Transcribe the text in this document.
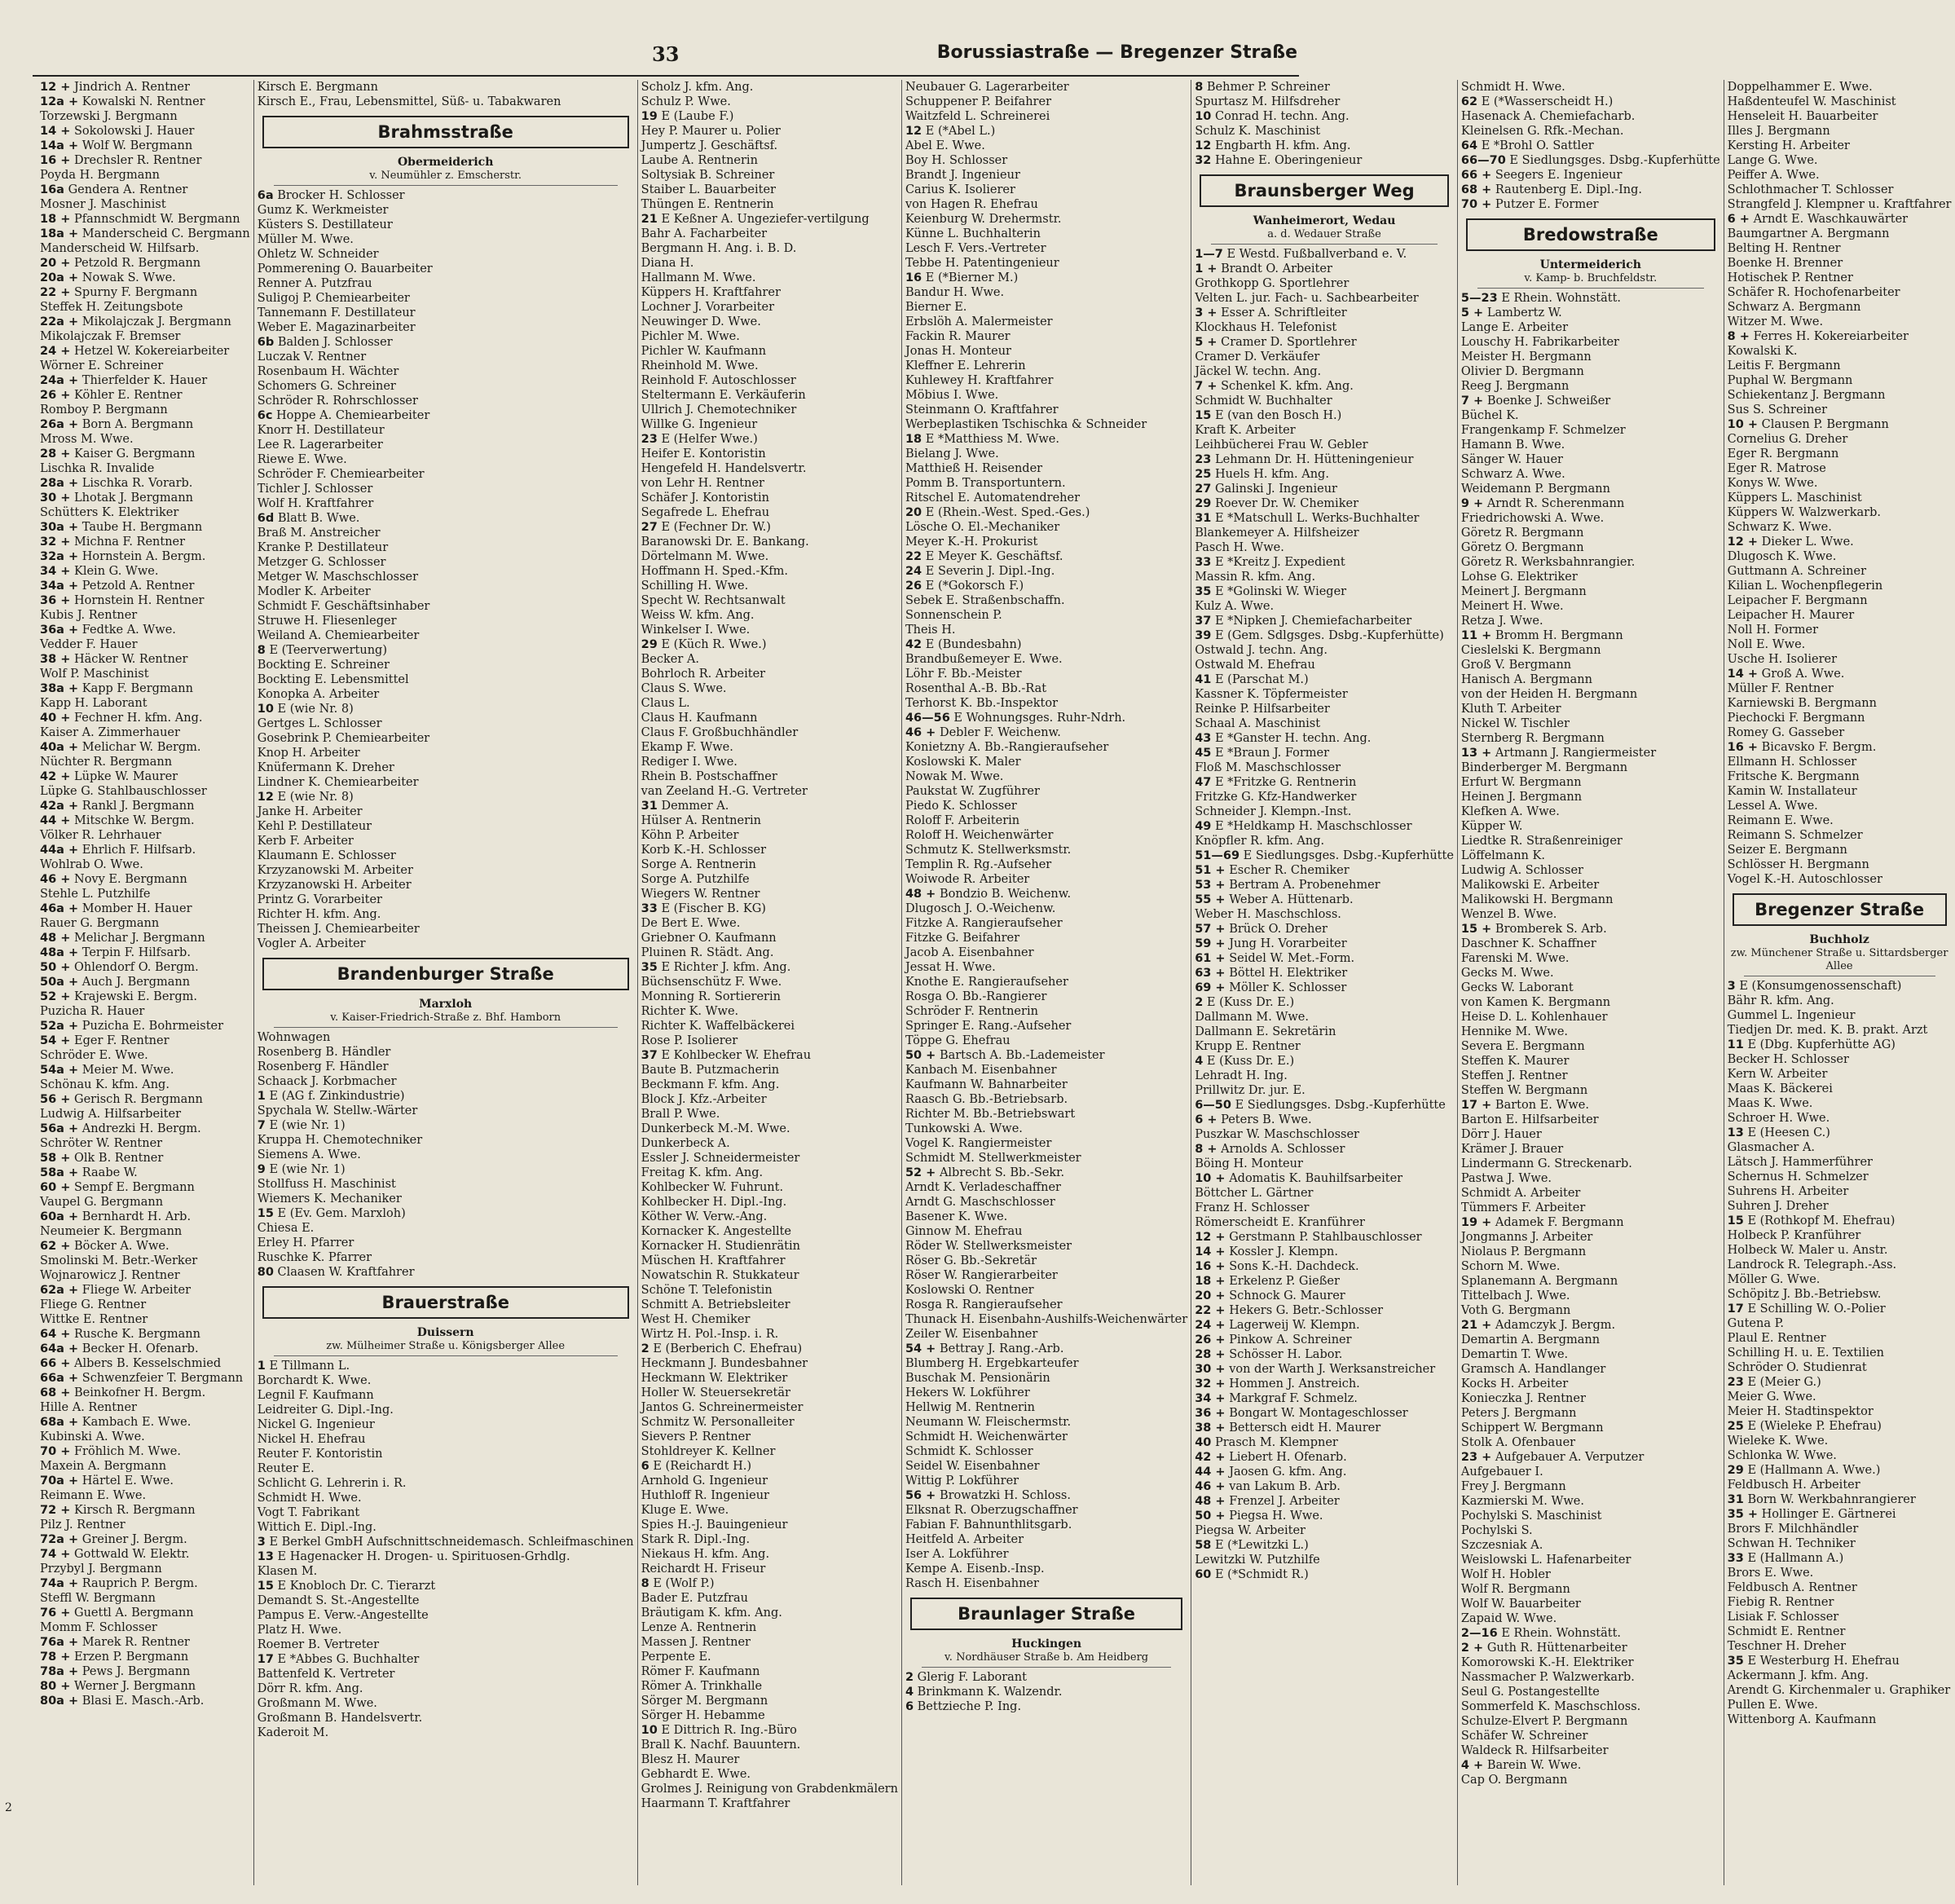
33	Borussiastraße — Bregenzer Straße
12 + Jindrich A. Rentner
12a + Kowalski N. Rentner
Torzewski J. Bergmann
14 + Sokolowski J. Hauer
14a + Wolf W. Bergmann
16 + Drechsler R. Rentner
Poyda H. Bergmann
16a Gendera A. Rentner
Mosner J. Maschinist
18 + Pfannschmidt W. Bergmann
18a + Manderscheid C. Bergmann
Manderscheid W. Hilfsarb.
20 + Petzold R. Bergmann
20a + Nowak S. Wwe.
22 + Spurny F. Bergmann
Steffek H. Zeitungsbote
22a + Mikolajczak J. Bergmann
Mikolajczak F. Bremser
24 + Hetzel W. Kokereiarbeiter
Wörner E. Schreiner
24a + Thierfelder K. Hauer
26 + Köhler E. Rentner
Romboy P. Bergmann
26a + Born A. Bergmann
Mross M. Wwe.
28 + Kaiser G. Bergmann
Lischka R. Invalide
28a + Lischka R. Vorarb.
30 + Lhotak J. Bergmann
Schütters K. Elektriker
30a + Taube H. Bergmann
32 + Michna F. Rentner
32a + Hornstein A. Bergm.
34 + Klein G. Wwe.
34a + Petzold A. Rentner
36 + Hornstein H. Rentner
Kubis J. Rentner
36a + Fedtke A. Wwe.
Vedder F. Hauer
38 + Häcker W. Rentner
Wolf P. Maschinist
38a + Kapp F. Bergmann
Kapp H. Laborant
40 + Fechner H. kfm. Ang.
Kaiser A. Zimmerhauer
40a + Melichar W. Bergm.
Nüchter R. Bergmann
42 + Lüpke W. Maurer
Lüpke G. Stahlbauschlosser
42a + Rankl J. Bergmann
44 + Mitschke W. Bergm.
Völker R. Lehrhauer
44a + Ehrlich F. Hilfsarb.
Wohlrab O. Wwe.
46 + Novy E. Bergmann
Stehle L. Putzhilfe
46a + Momber H. Hauer
Rauer G. Bergmann
48 + Melichar J. Bergmann
48a + Terpin F. Hilfsarb.
50 + Ohlendorf O. Bergm.
50a + Auch J. Bergmann
52 + Krajewski E. Bergm.
Puzicha R. Hauer
52a + Puzicha E. Bohrmeister
54 + Eger F. Rentner
Schröder E. Wwe.
54a + Meier M. Wwe.
Schönau K. kfm. Ang.
56 + Gerisch R. Bergmann
Ludwig A. Hilfsarbeiter
56a + Andrezki H. Bergm.
Schröter W. Rentner
58 + Olk B. Rentner
58a + Raabe W.
60 + Sempf E. Bergmann
Vaupel G. Bergmann
60a + Bernhardt H. Arb.
Neumeier K. Bergmann
62 + Böcker A. Wwe.
Smolinski M. Betr.-Werker
Wojnarowicz J. Rentner
62a + Fliege W. Arbeiter
Fliege G. Rentner
Wittke E. Rentner
64 + Rusche K. Bergmann
64a + Becker H. Ofenarb.
66 + Albers B. Kesselschmied
66a + Schwenzfeier T. Bergmann
68 + Beinkofner H. Bergm.
Hille A. Rentner
68a + Kambach E. Wwe.
Kubinski A. Wwe.
70 + Fröhlich M. Wwe.
Maxein A. Bergmann
70a + Härtel E. Wwe.
Reimann E. Wwe.
72 + Kirsch R. Bergmann
Pilz J. Rentner
72a + Greiner J. Bergm.
74 + Gottwald W. Elektr.
Przybyl J. Bergmann
74a + Rauprich P. Bergm.
Steffl W. Bergmann
76 + Guettl A. Bergmann
Momm F. Schlosser
76a + Marek R. Rentner
78 + Erzen P. Bergmann
78a + Pews J. Bergmann
80 + Werner J. Bergmann
80a + Blasi E. Masch.-Arb.
Kirsch E. Bergmann
Kirsch E., Frau, Lebensmittel, Süß- u. Tabakwaren
Brahmsstraße
Obermeiderich
v. Neumühler z. Emscherstr.
6a Brocker H. Schlosser
Gumz K. Werkmeister
Küsters S. Destillateur
Müller M. Wwe.
Ohletz W. Schneider
Pommerening O. Bauarbeiter
Renner A. Putzfrau
Suligoj P. Chemiearbeiter
Tannemann F. Destillateur
Weber E. Magazinarbeiter
6b Balden J. Schlosser
Luczak V. Rentner
Rosenbaum H. Wächter
Schomers G. Schreiner
Schröder R. Rohrschlosser
6c Hoppe A. Chemiearbeiter
Knorr H. Destillateur
Lee R. Lagerarbeiter
Riewe E. Wwe.
Schröder F. Chemiearbeiter
Tichler J. Schlosser
Wolf H. Kraftfahrer
6d Blatt B. Wwe.
Braß M. Anstreicher
Kranke P. Destillateur
Metzger G. Schlosser
Metger W. Maschschlosser
Modler K. Arbeiter
Schmidt F. Geschäftsinhaber
Struwe H. Fliesenleger
Weiland A. Chemiearbeiter
8 E (Teerverwertung)
Bockting E. Schreiner
Bockting E. Lebensmittel
Konopka A. Arbeiter
10 E (wie Nr. 8)
Gertges L. Schlosser
Gosebrink P. Chemiearbeiter
Knop H. Arbeiter
Knüfermann K. Dreher
Lindner K. Chemiearbeiter
12 E (wie Nr. 8)
Janke H. Arbeiter
Kehl P. Destillateur
Kerb F. Arbeiter
Klaumann E. Schlosser
Krzyzanowski M. Arbeiter
Krzyzanowski H. Arbeiter
Printz G. Vorarbeiter
Richter H. kfm. Ang.
Theissen J. Chemiearbeiter
Vogler A. Arbeiter
Brandenburger Straße
Marxloh
v. Kaiser-Friedrich-Straße z. Bhf. Hamborn
Wohnwagen
Rosenberg B. Händler
Rosenberg F. Händler
Schaack J. Korbmacher
1 E (AG f. Zinkindustrie)
Spychala W. Stellw.-Wärter
7 E (wie Nr. 1)
Kruppa H. Chemotechniker
Siemens A. Wwe.
9 E (wie Nr. 1)
Stollfuss H. Maschinist
Wiemers K. Mechaniker
15 E (Ev. Gem. Marxloh)
Chiesa E.
Erley H. Pfarrer
Ruschke K. Pfarrer
80 Claasen W. Kraftfahrer
Brauerstraße
Duissern
zw. Mülheimer Straße u. Königsberger Allee
1 E Tillmann L.
Borchardt K. Wwe.
Legnil F. Kaufmann
Leidreiter G. Dipl.-Ing.
Nickel G. Ingenieur
Nickel H. Ehefrau
Reuter F. Kontoristin
Reuter E.
Schlicht G. Lehrerin i. R.
Schmidt H. Wwe.
Vogt T. Fabrikant
Wittich E. Dipl.-Ing.
3 E Berkel GmbH Aufschnittschneidemasch. Schleifmaschinen
13 E Hagenacker H. Drogen- u. Spirituosen-Grhdlg.
Klasen M.
15 E Knobloch Dr. C. Tierarzt
Demandt S. St.-Angestellte
Pampus E. Verw.-Angestellte
Platz H. Wwe.
Roemer B. Vertreter
17 E *Abbes G. Buchhalter
Battenfeld K. Vertreter
Dörr R. kfm. Ang.
Großmann M. Wwe.
Großmann B. Handelsvertr.
Kaderoit M.
Scholz J. kfm. Ang.
Schulz P. Wwe.
19 E (Laube F.)
Hey P. Maurer u. Polier
Jumpertz J. Geschäftsf.
Laube A. Rentnerin
Soltysiak B. Schreiner
Staiber L. Bauarbeiter
Thüngen E. Rentnerin
21 E Keßner A. Ungeziefer-vertilgung
Bahr A. Facharbeiter
Bergmann H. Ang. i. B. D.
Diana H.
Hallmann M. Wwe.
Küppers H. Kraftfahrer
Lochner J. Vorarbeiter
Neuwinger D. Wwe.
Pichler M. Wwe.
Pichler W. Kaufmann
Rheinhold M. Wwe.
Reinhold F. Autoschlosser
Steltermann E. Verkäuferin
Ullrich J. Chemotechniker
Willke G. Ingenieur
23 E (Helfer Wwe.)
Heifer E. Kontoristin
Hengefeld H. Handelsvertr.
von Lehr H. Rentner
Schäfer J. Kontoristin
Segafrede L. Ehefrau
27 E (Fechner Dr. W.)
Baranowski Dr. E. Bankang.
Dörtelmann M. Wwe.
Hoffmann H. Sped.-Kfm.
Schilling H. Wwe.
Specht W. Rechtsanwalt
Weiss W. kfm. Ang.
Winkelser I. Wwe.
29 E (Küch R. Wwe.)
Becker A.
Bohrloch R. Arbeiter
Claus S. Wwe.
Claus L.
Claus H. Kaufmann
Claus F. Großbuchhändler
Ekamp F. Wwe.
Rediger I. Wwe.
Rhein B. Postschaffner
van Zeeland H.-G. Vertreter
31 Demmer A.
Hülser A. Rentnerin
Köhn P. Arbeiter
Korb K.-H. Schlosser
Sorge A. Rentnerin
Sorge A. Putzhilfe
Wiegers W. Rentner
33 E (Fischer B. KG)
De Bert E. Wwe.
Griebner O. Kaufmann
Pluinen R. Städt. Ang.
35 E Richter J. kfm. Ang.
Büchsenschütz F. Wwe.
Monning R. Sortiererin
Richter K. Wwe.
Richter K. Waffelbäckerei
Rose P. Isolierer
37 E Kohlbecker W. Ehefrau
Baute B. Putzmacherin
Beckmann F. kfm. Ang.
Block J. Kfz.-Arbeiter
Brall P. Wwe.
Dunkerbeck M.-M. Wwe.
Dunkerbeck A.
Essler J. Schneidermeister
Freitag K. kfm. Ang.
Kohlbecker W. Fuhrunt.
Kohlbecker H. Dipl.-Ing.
Köther W. Verw.-Ang.
Kornacker K. Angestellte
Kornacker H. Studienrätin
Müschen H. Kraftfahrer
Nowatschin R. Stukkateur
Schöne T. Telefonistin
Schmitt A. Betriebsleiter
West H. Chemiker
Wirtz H. Pol.-Insp. i. R.
2 E (Berberich C. Ehefrau)
Heckmann J. Bundesbahner
Heckmann W. Elektriker
Holler W. Steuersekretär
Jantos G. Schreinermeister
Schmitz W. Personalleiter
Sievers P. Rentner
Stohldreyer K. Kellner
6 E (Reichardt H.)
Arnhold G. Ingenieur
Huthloff R. Ingenieur
Kluge E. Wwe.
Spies H.-J. Bauingenieur
Stark R. Dipl.-Ing.
Niekaus H. kfm. Ang.
Reichardt H. Friseur
8 E (Wolf P.)
Bader E. Putzfrau
Bräutigam K. kfm. Ang.
Lenze A. Rentnerin
Massen J. Rentner
Perpente E.
Römer F. Kaufmann
Römer A. Trinkhalle
Sörger M. Bergmann
Sörger H. Hebamme
10 E Dittrich R. Ing.-Büro
Brall K. Nachf. Bauuntern.
Blesz H. Maurer
Gebhardt E. Wwe.
Grolmes J. Reinigung von Grabdenkmälern
Haarmann T. Kraftfahrer
Neubauer G. Lagerarbeiter
Schuppener P. Beifahrer
Waitzfeld L. Schreinerei
12 E (*Abel L.)
Abel E. Wwe.
Boy H. Schlosser
Brandt J. Ingenieur
Carius K. Isolierer
von Hagen R. Ehefrau
Keienburg W. Drehermstr.
Künne L. Buchhalterin
Lesch F. Vers.-Vertreter
Tebbe H. Patentingenieur
16 E (*Bierner M.)
Bandur H. Wwe.
Bierner E.
Erbslöh A. Malermeister
Fackin R. Maurer
Jonas H. Monteur
Kleffner E. Lehrerin
Kuhlewey H. Kraftfahrer
Möbius I. Wwe.
Steinmann O. Kraftfahrer
Werbeplastiken Tschischka & Schneider
18 E *Matthiess M. Wwe.
Bielang J. Wwe.
Matthieß H. Reisender
Pomm B. Transportuntern.
Ritschel E. Automatendreher
20 E (Rhein.-West. Sped.-Ges.)
Lösche O. El.-Mechaniker
Meyer K.-H. Prokurist
22 E Meyer K. Geschäftsf.
24 E Severin J. Dipl.-Ing.
26 E (*Gokorsch F.)
Sebek E. Straßenbschaffn.
Sonnenschein P.
Theis H.
42 E (Bundesbahn)
Brandbußemeyer E. Wwe.
Löhr F. Bb.-Meister
Rosenthal A.-B. Bb.-Rat
Terhorst K. Bb.-Inspektor
46—56 E Wohnungsges. Ruhr-Ndrh.
46 + Debler F. Weichenw.
Konietzny A. Bb.-Rangieraufseher
Koslowski K. Maler
Nowak M. Wwe.
Paukstat W. Zugführer
Piedo K. Schlosser
Roloff F. Arbeiterin
Roloff H. Weichenwärter
Schmutz K. Stellwerksmstr.
Templin R. Rg.-Aufseher
Woiwode R. Arbeiter
48 + Bondzio B. Weichenw.
Dlugosch J. O.-Weichenw.
Fitzke A. Rangieraufseher
Fitzke G. Beifahrer
Jacob A. Eisenbahner
Jessat H. Wwe.
Knothe E. Rangieraufseher
Rosga O. Bb.-Rangierer
Schröder F. Rentnerin
Springer E. Rang.-Aufseher
Töppe G. Ehefrau
50 + Bartsch A. Bb.-Lademeister
Kanbach M. Eisenbahner
Kaufmann W. Bahnarbeiter
Raasch G. Bb.-Betriebsarb.
Richter M. Bb.-Betriebswart
Tunkowski A. Wwe.
Vogel K. Rangiermeister
Schmidt M. Stellwerkmeister
52 + Albrecht S. Bb.-Sekr.
Arndt K. Verladeschaffner
Arndt G. Maschschlosser
Basener K. Wwe.
Ginnow M. Ehefrau
Röder W. Stellwerksmeister
Röser G. Bb.-Sekretär
Röser W. Rangierarbeiter
Koslowski O. Rentner
Rosga R. Rangieraufseher
Thunack H. Eisenbahn-Aushilfs-Weichenwärter
Zeiler W. Eisenbahner
54 + Bettray J. Rang.-Arb.
Blumberg H. Ergebkarteufer
Buschak M. Pensionärin
Hekers W. Lokführer
Hellwig M. Rentnerin
Neumann W. Fleischermstr.
Schmidt H. Weichenwärter
Schmidt K. Schlosser
Seidel W. Eisenbahner
Wittig P. Lokführer
56 + Browatzki H. Schloss.
Elksnat R. Oberzugschaffner
Fabian F. Bahnunthlitsgarb.
Heitfeld A. Arbeiter
Iser A. Lokführer
Kempe A. Eisenb.-Insp.
Rasch H. Eisenbahner
Braunlager Straße
Huckingen
v. Nordhäuser Straße b. Am Heidberg
2 Glerig F. Laborant
4 Brinkmann K. Walzendr.
6 Bettzieche P. Ing.
8 Behmer P. Schreiner
Spurtasz M. Hilfsdreher
10 Conrad H. techn. Ang.
Schulz K. Maschinist
12 Engbarth H. kfm. Ang.
32 Hahne E. Oberingenieur
Braunsberger Weg
Wanheimerort, Wedau
a. d. Wedauer Straße
1—7 E Westd. Fußballverband e. V.
1 + Brandt O. Arbeiter
Grothkopp G. Sportlehrer
Velten L. jur. Fach- u. Sachbearbeiter
3 + Esser A. Schriftleiter
Klockhaus H. Telefonist
5 + Cramer D. Sportlehrer
Cramer D. Verkäufer
Jäckel W. techn. Ang.
7 + Schenkel K. kfm. Ang.
Schmidt W. Buchhalter
15 E (van den Bosch H.)
Kraft K. Arbeiter
Leihbücherei Frau W. Gebler
23 Lehmann Dr. H. Hütteningenieur
25 Huels H. kfm. Ang.
27 Galinski J. Ingenieur
29 Roever Dr. W. Chemiker
31 E *Matschull L. Werks-Buchhalter
Blankemeyer A. Hilfsheizer
Pasch H. Wwe.
33 E *Kreitz J. Expedient
Massin R. kfm. Ang.
35 E *Golinski W. Wieger
Kulz A. Wwe.
37 E *Nipken J. Chemiefacharbeiter
39 E (Gem. Sdlgsges. Dsbg.-Kupferhütte)
Ostwald J. techn. Ang.
Ostwald M. Ehefrau
41 E (Parschat M.)
Kassner K. Töpfermeister
Reinke P. Hilfsarbeiter
Schaal A. Maschinist
43 E *Ganster H. techn. Ang.
45 E *Braun J. Former
Floß M. Maschschlosser
47 E *Fritzke G. Rentnerin
Fritzke G. Kfz-Handwerker
Schneider J. Klempn.-Inst.
49 E *Heldkamp H. Maschschlosser
Knöpfler R. kfm. Ang.
51—69 E Siedlungsges. Dsbg.-Kupferhütte
51 + Escher R. Chemiker
53 + Bertram A. Probenehmer
55 + Weber A. Hüttenarb.
Weber H. Maschschloss.
57 + Brück O. Dreher
59 + Jung H. Vorarbeiter
61 + Seidel W. Met.-Form.
63 + Böttel H. Elektriker
69 + Möller K. Schlosser
2 E (Kuss Dr. E.)
Dallmann M. Wwe.
Dallmann E. Sekretärin
Krupp E. Rentner
4 E (Kuss Dr. E.)
Lehradt H. Ing.
Prillwitz Dr. jur. E.
6—50 E Siedlungsges. Dsbg.-Kupferhütte
6 + Peters B. Wwe.
Puszkar W. Maschschlosser
8 + Arnolds A. Schlosser
Böing H. Monteur
10 + Adomatis K. Bauhilfsarbeiter
Böttcher L. Gärtner
Franz H. Schlosser
Römerscheidt E. Kranführer
12 + Gerstmann P. Stahlbauschlosser
14 + Kossler J. Klempn.
16 + Sons K.-H. Dachdeck.
18 + Erkelenz P. Gießer
20 + Schnock G. Maurer
22 + Hekers G. Betr.-Schlosser
24 + Lagerweij W. Klempn.
26 + Pinkow A. Schreiner
28 + Schösser H. Labor.
30 + von der Warth J. Werksanstreicher
32 + Hommen J. Anstreich.
34 + Markgraf F. Schmelz.
36 + Bongart W. Montageschlosser
38 + Bettersch eidt H. Maurer
40 Prasch M. Klempner
42 + Liebert H. Ofenarb.
44 + Jaosen G. kfm. Ang.
46 + van Lakum B. Arb.
48 + Frenzel J. Arbeiter
50 + Piegsa H. Wwe.
Piegsa W. Arbeiter
58 E (*Lewitzki L.)
Lewitzki W. Putzhilfe
60 E (*Schmidt R.)
Schmidt H. Wwe.
62 E (*Wasserscheidt H.)
Hasenack A. Chemiefacharb.
Kleinelsen G. Rfk.-Mechan.
64 E *Brohl O. Sattler
66—70 E Siedlungsges. Dsbg.-Kupferhütte
66 + Seegers E. Ingenieur
68 + Rautenberg E. Dipl.-Ing.
70 + Putzer E. Former
Bredowstraße
Untermeiderich
v. Kamp- b. Bruchfeldstr.
5—23 E Rhein. Wohnstätt.
5 + Lambertz W.
Lange E. Arbeiter
Louschy H. Fabrikarbeiter
Meister H. Bergmann
Olivier D. Bergmann
Reeg J. Bergmann
7 + Boenke J. Schweißer
Büchel K.
Frangenkamp F. Schmelzer
Hamann B. Wwe.
Sänger W. Hauer
Schwarz A. Wwe.
Weidemann P. Bergmann
9 + Arndt R. Scherenmann
Friedrichowski A. Wwe.
Göretz R. Bergmann
Göretz O. Bergmann
Göretz R. Werksbahnrangier.
Lohse G. Elektriker
Meinert J. Bergmann
Meinert H. Wwe.
Retza J. Wwe.
11 + Bromm H. Bergmann
Cieslelski K. Bergmann
Groß V. Bergmann
Hanisch A. Bergmann
von der Heiden H. Bergmann
Kluth T. Arbeiter
Nickel W. Tischler
Sternberg R. Bergmann
13 + Artmann J. Rangiermeister
Binderberger M. Bergmann
Erfurt W. Bergmann
Heinen J. Bergmann
Klefken A. Wwe.
Küpper W.
Liedtke R. Straßenreiniger
Löffelmann K.
Ludwig A. Schlosser
Malikowski E. Arbeiter
Malikowski H. Bergmann
Wenzel B. Wwe.
15 + Bromberek S. Arb.
Daschner K. Schaffner
Farenski M. Wwe.
Gecks M. Wwe.
Gecks W. Laborant
von Kamen K. Bergmann
Heise D. L. Kohlenhauer
Hennike M. Wwe.
Severa E. Bergmann
Steffen K. Maurer
Steffen J. Rentner
Steffen W. Bergmann
17 + Barton E. Wwe.
Barton E. Hilfsarbeiter
Dörr J. Hauer
Krämer J. Brauer
Lindermann G. Streckenarb.
Pastwa J. Wwe.
Schmidt A. Arbeiter
Tümmers F. Arbeiter
19 + Adamek F. Bergmann
Jongmanns J. Arbeiter
Niolaus P. Bergmann
Schorn M. Wwe.
Splanemann A. Bergmann
Tittelbach J. Wwe.
Voth G. Bergmann
21 + Adamczyk J. Bergm.
Demartin A. Bergmann
Demartin T. Wwe.
Gramsch A. Handlanger
Kocks H. Arbeiter
Konieczka J. Rentner
Peters J. Bergmann
Schippert W. Bergmann
Stolk A. Ofenbauer
23 + Aufgebauer A. Verputzer
Aufgebauer I.
Frey J. Bergmann
Kazmierski M. Wwe.
Pochylski S. Maschinist
Pochylski S.
Szczesniak A.
Weislowski L. Hafenarbeiter
Wolf H. Hobler
Wolf R. Bergmann
Wolf W. Bauarbeiter
Zapaid W. Wwe.
2—16 E Rhein. Wohnstätt.
2 + Guth R. Hüttenarbeiter
Komorowski K.-H. Elektriker
Nassmacher P. Walzwerkarb.
Seul G. Postangestellte
Sommerfeld K. Maschschloss.
Schulze-Elvert P. Bergmann
Schäfer W. Schreiner
Waldeck R. Hilfsarbeiter
4 + Barein W. Wwe.
Cap O. Bergmann
Doppelhammer E. Wwe.
Haßdenteufel W. Maschinist
Henseleit H. Bauarbeiter
Illes J. Bergmann
Kersting H. Arbeiter
Lange G. Wwe.
Peiffer A. Wwe.
Schlothmacher T. Schlosser
Strangfeld J. Klempner u. Kraftfahrer
6 + Arndt E. Waschkauwärter
Baumgartner A. Bergmann
Belting H. Rentner
Boenke H. Brenner
Hotischek P. Rentner
Schäfer R. Hochofenarbeiter
Schwarz A. Bergmann
Witzer M. Wwe.
8 + Ferres H. Kokereiarbeiter
Kowalski K.
Leitis F. Bergmann
Puphal W. Bergmann
Schiekentanz J. Bergmann
Sus S. Schreiner
10 + Clausen P. Bergmann
Cornelius G. Dreher
Eger R. Bergmann
Eger R. Matrose
Konys W. Wwe.
Küppers L. Maschinist
Küppers W. Walzwerkarb.
Schwarz K. Wwe.
12 + Dieker L. Wwe.
Dlugosch K. Wwe.
Guttmann A. Schreiner
Kilian L. Wochenpflegerin
Leipacher F. Bergmann
Leipacher H. Maurer
Noll H. Former
Noll E. Wwe.
Usche H. Isolierer
14 + Groß A. Wwe.
Müller F. Rentner
Karniewski B. Bergmann
Piechocki F. Bergmann
Romey G. Gasseber
16 + Bicavsko F. Bergm.
Ellmann H. Schlosser
Fritsche K. Bergmann
Kamin W. Installateur
Lessel A. Wwe.
Reimann E. Wwe.
Reimann S. Schmelzer
Seizer E. Bergmann
Schlösser H. Bergmann
Vogel K.-H. Autoschlosser
Bregenzer Straße
Buchholz
zw. Münchener Straße u. Sittardsberger Allee
3 E (Konsumgenossenschaft)
Bähr R. kfm. Ang.
Gummel L. Ingenieur
Tiedjen Dr. med. K. B. prakt. Arzt
11 E (Dbg. Kupferhütte AG)
Becker H. Schlosser
Kern W. Arbeiter
Maas K. Bäckerei
Maas K. Wwe.
Schroer H. Wwe.
13 E (Heesen C.)
Glasmacher A.
Lätsch J. Hammerführer
Schernus H. Schmelzer
Suhrens H. Arbeiter
Suhren J. Dreher
15 E (Rothkopf M. Ehefrau)
Holbeck P. Kranführer
Holbeck W. Maler u. Anstr.
Landrock R. Telegraph.-Ass.
Möller G. Wwe.
Schöpitz J. Bb.-Betriebsw.
17 E Schilling W. O.-Polier
Gutena P.
Plaul E. Rentner
Schilling H. u. E. Textilien
Schröder O. Studienrat
23 E (Meier G.)
Meier G. Wwe.
Meier H. Stadtinspektor
25 E (Wieleke P. Ehefrau)
Wieleke K. Wwe.
Schlonka W. Wwe.
29 E (Hallmann A. Wwe.)
Feldbusch H. Arbeiter
31 Born W. Werkbahnrangierer
35 + Hollinger E. Gärtnerei
Brors F. Milchhändler
Schwan H. Techniker
33 E (Hallmann A.)
Brors E. Wwe.
Feldbusch A. Rentner
Fiebig R. Rentner
Lisiak F. Schlosser
Schmidt E. Rentner
Teschner H. Dreher
35 E Westerburg H. Ehefrau
Ackermann J. kfm. Ang.
Arendt G. Kirchenmaler u. Graphiker
Pullen E. Wwe.
Wittenborg A. Kaufmann
2
